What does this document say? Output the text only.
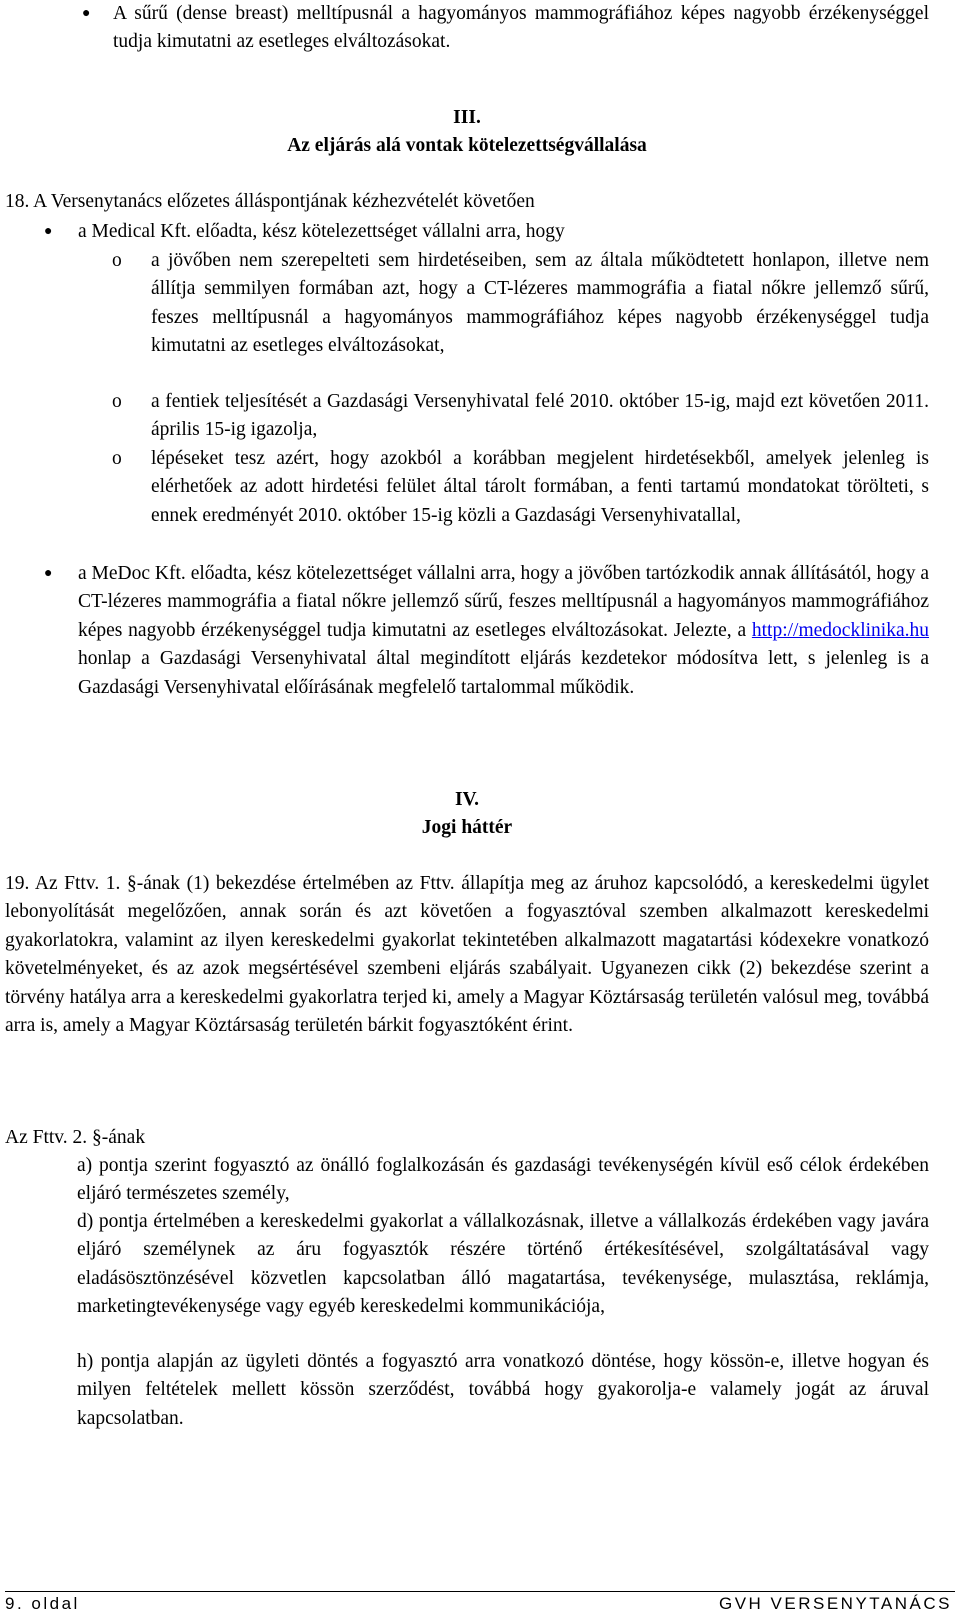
● A sűrű (dense breast) melltípusnál a hagyományos mammográfiához képes nagyobb érzékenységgel tudja kimutatni az esetleges elváltozásokat.

III.

Az eljárás alá vontak kötelezettségvállalása

18. A Versenytanács előzetes álláspontjának kézhezvételét követően

● a Medical Kft. előadta, kész kötelezettséget vállalni arra, hogy

o a jövőben nem szerepelteti sem hirdetéseiben, sem az általa működtetett honlapon, illetve nem állítja semmilyen formában azt, hogy a CT-lézeres mammográfia a fiatal nőkre jellemző sűrű, feszes melltípusnál a hagyományos mammográfiához képes nagyobb érzékenységgel tudja kimutatni az esetleges elváltozásokat,

o a fentiek teljesítését a Gazdasági Versenyhivatal felé 2010. október 15-ig, majd ezt követően 2011. április 15-ig igazolja,

o lépéseket tesz azért, hogy azokból a korábban megjelent hirdetésekből, amelyek jelenleg is elérhetőek az adott hirdetési felület által tárolt formában, a fenti tartamú mondatokat törölteti, s ennek eredményét 2010. október 15-ig közli a Gazdasági Versenyhivatallal,

● a MeDoc Kft. előadta, kész kötelezettséget vállalni arra, hogy a jövőben tartózkodik annak állításától, hogy a CT-lézeres mammográfia a fiatal nőkre jellemző sűrű, feszes melltípusnál a hagyományos mammográfiához képes nagyobb érzékenységgel tudja kimutatni az esetleges elváltozásokat. Jelezte, a http://medocklinika.hu honlap a Gazdasági Versenyhivatal által megindított eljárás kezdetekor módosítva lett, s jelenleg is a Gazdasági Versenyhivatal előírásának megfelelő tartalommal működik.

IV.

Jogi háttér

19. Az Fttv. 1. §-ának (1) bekezdése értelmében az Fttv. állapítja meg az áruhoz kapcsolódó, a kereskedelmi ügylet lebonyolítását megelőzően, annak során és azt követően a fogyasztóval szemben alkalmazott kereskedelmi gyakorlatokra, valamint az ilyen kereskedelmi gyakorlat tekintetében alkalmazott magatartási kódexekre vonatkozó követelményeket, és az azok megsértésével szembeni eljárás szabályait. Ugyanezen cikk (2) bekezdése szerint a törvény hatálya arra a kereskedelmi gyakorlatra terjed ki, amely a Magyar Köztársaság területén valósul meg, továbbá arra is, amely a Magyar Köztársaság területén bárkit fogyasztóként érint.

Az Fttv. 2. §-ának

a) pontja szerint fogyasztó az önálló foglalkozásán és gazdasági tevékenységén kívül eső célok érdekében eljáró természetes személy,

d) pontja értelmében a kereskedelmi gyakorlat a vállalkozásnak, illetve a vállalkozás érdekében vagy javára eljáró személynek az áru fogyasztók részére történő értékesítésével, szolgáltatásával vagy eladásösztönzésével közvetlen kapcsolatban álló magatartása, tevékenysége, mulasztása, reklámja, marketingtevékenysége vagy egyéb kereskedelmi kommunikációja,

h) pontja alapján az ügyleti döntés a fogyasztó arra vonatkozó döntése, hogy kössön-e, illetve hogyan és milyen feltételek mellett kössön szerződést, továbbá hogy gyakorolja-e valamely jogát az áruval kapcsolatban.

9. oldal	GVH VERSENYTANÁCS
